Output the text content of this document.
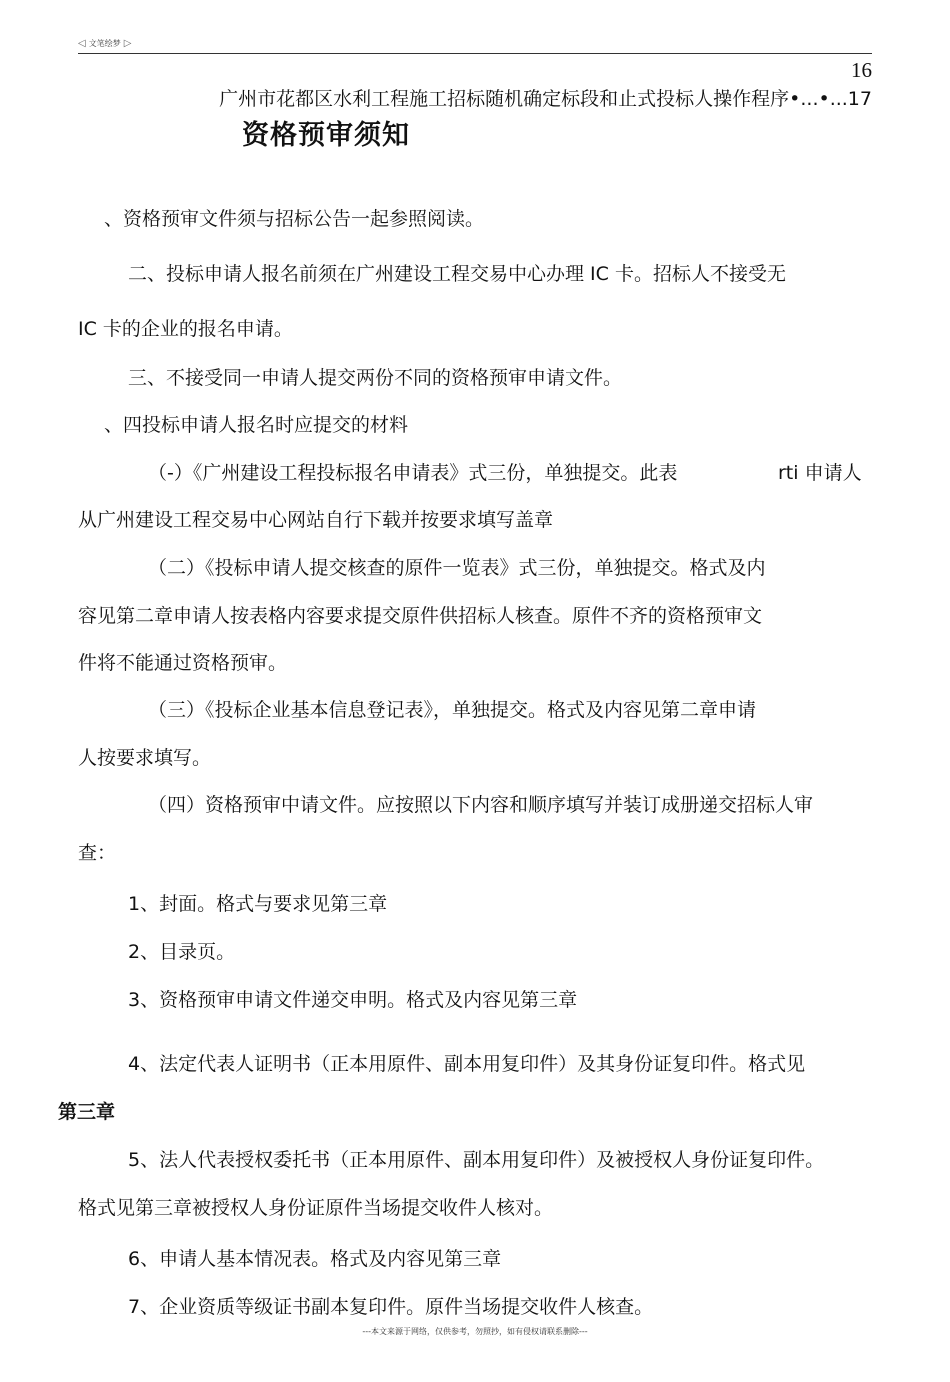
◁ 文笔绘梦 ▷
16
广州市花都区水利工程施工招标随机确定标段和止式投标人操作程序•...•...17
资格预审须知
、资格预审文件须与招标公告一起参照阅读。
二、投标申请人报名前须在广州建设工程交易中心办理 IC 卡。招标人不接受无
IC 卡的企业的报名申请。
三、不接受同一申请人提交两份不同的资格预审申请文件。
、四投标申请人报名时应提交的材料
（-）《广州建设工程投标报名申请表》式三份，单独提交。此表	rti 申请人
从广州建设工程交易中心网站自行下载并按要求填写盖章
（二）《投标申请人提交核查的原件一览表》式三份，单独提交。格式及内
容见第二章申请人按表格内容要求提交原件供招标人核查。原件不齐的资格预审文
件将不能通过资格预审。
（三）《投标企业基本信息登记表》，单独提交。格式及内容见第二章申请
人按要求填写。
（四）资格预审中请文件。应按照以下内容和顺序填写并装订成册递交招标人审
查：
1、封面。格式与要求见第三章
2、目录页。
3、资格预审申请文件递交申明。格式及内容见第三章
4、法定代表人证明书（正本用原件、副本用复印件）及其身份证复印件。格式见
第三章
5、法人代表授权委托书（正本用原件、副本用复印件）及被授权人身份证复印件。
格式见第三章被授权人身份证原件当场提交收件人核对。
6、申请人基本情况表。格式及内容见第三章
7、企业资质等级证书副本复印件。原件当场提交收件人核查。
---本文来源于网络，仅供参考，勿照抄，如有侵权请联系删除---
